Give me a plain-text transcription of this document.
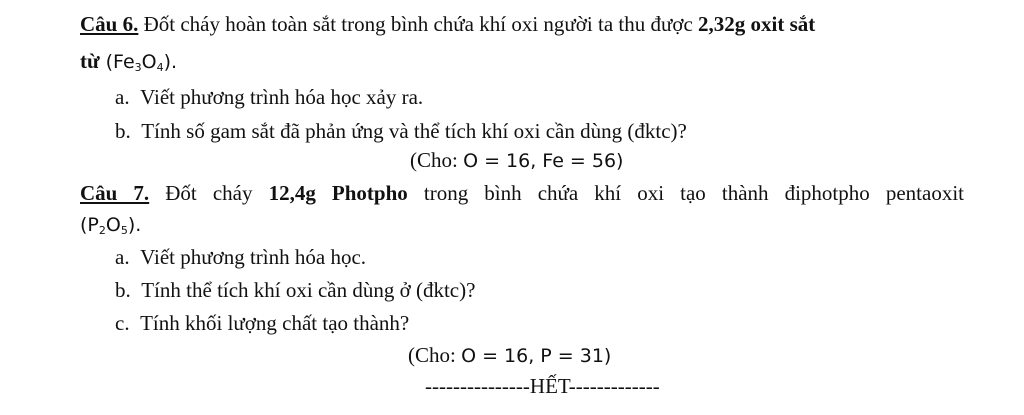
Câu 6. Đốt cháy hoàn toàn sắt trong bình chứa khí oxi người ta thu được 2,32g oxit sắt
từ $(Fe_3O_4)$.
a. Viết phương trình hóa học xảy ra.
b. Tính số gam sắt đã phản ứng và thể tích khí oxi cần dùng (đktc)?
(Cho: O = 16, Fe = 56)
Câu 7. Đốt cháy 12,4g Photpho trong bình chứa khí oxi tạo thành điphotpho pentaoxit
$(P_2O_5)$.
a. Viết phương trình hóa học.
b. Tính thể tích khí oxi cần dùng ở (đktc)?
c. Tính khối lượng chất tạo thành?
(Cho: O = 16, P = 31)
---------------HẾT-------------
